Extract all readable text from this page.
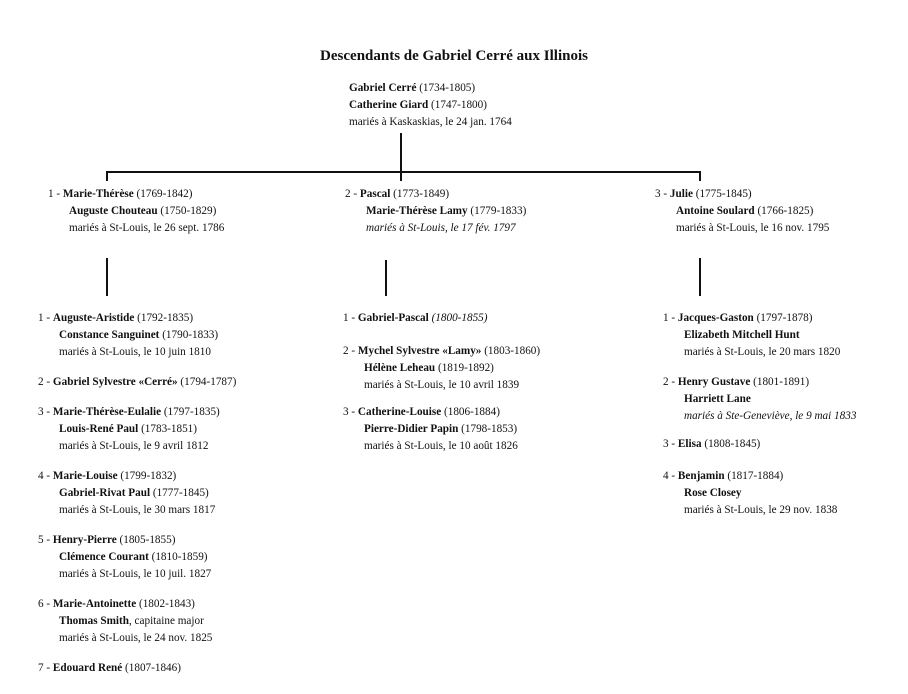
Descendants de Gabriel Cerré aux Illinois
Gabriel Cerré (1734-1805)
Catherine Giard (1747-1800)
mariés à Kaskaskias, le 24 jan. 1764
1 - Marie-Thérèse (1769-1842)
Auguste Chouteau (1750-1829)
mariés à St-Louis, le 26 sept. 1786
2 - Pascal (1773-1849)
Marie-Thérèse Lamy (1779-1833)
mariés à St-Louis, le 17 fév. 1797
3 - Julie (1775-1845)
Antoine Soulard (1766-1825)
mariés à St-Louis, le 16 nov. 1795
1 - Auguste-Aristide (1792-1835)
Constance Sanguinet (1790-1833)
mariés à St-Louis, le 10 juin 1810
2 - Gabriel Sylvestre «Cerré» (1794-1787)
3 - Marie-Thérèse-Eulalie (1797-1835)
Louis-René Paul (1783-1851)
mariés à St-Louis, le 9 avril 1812
4 - Marie-Louise (1799-1832)
Gabriel-Rivat Paul (1777-1845)
mariés à St-Louis, le 30 mars 1817
5 - Henry-Pierre (1805-1855)
Clémence Courant (1810-1859)
mariés à St-Louis, le 10 juil. 1827
6 - Marie-Antoinette (1802-1843)
Thomas Smith, capitaine major
mariés à St-Louis, le 24 nov. 1825
7 - Edouard René (1807-1846)
1 - Gabriel-Pascal (1800-1855)
2 - Mychel Sylvestre «Lamy» (1803-1860)
Hélène Leheau (1819-1892)
mariés à St-Louis, le 10 avril 1839
3 - Catherine-Louise (1806-1884)
Pierre-Didier Papin (1798-1853)
mariés à St-Louis, le 10 août 1826
1 - Jacques-Gaston (1797-1878)
Elizabeth Mitchell Hunt
mariés à St-Louis, le 20 mars 1820
2 - Henry Gustave (1801-1891)
Harriett Lane
mariés à Ste-Geneviève, le 9 mai 1833
3 - Elisa (1808-1845)
4 - Benjamin (1817-1884)
Rose Closey
mariés à St-Louis, le 29 nov. 1838
